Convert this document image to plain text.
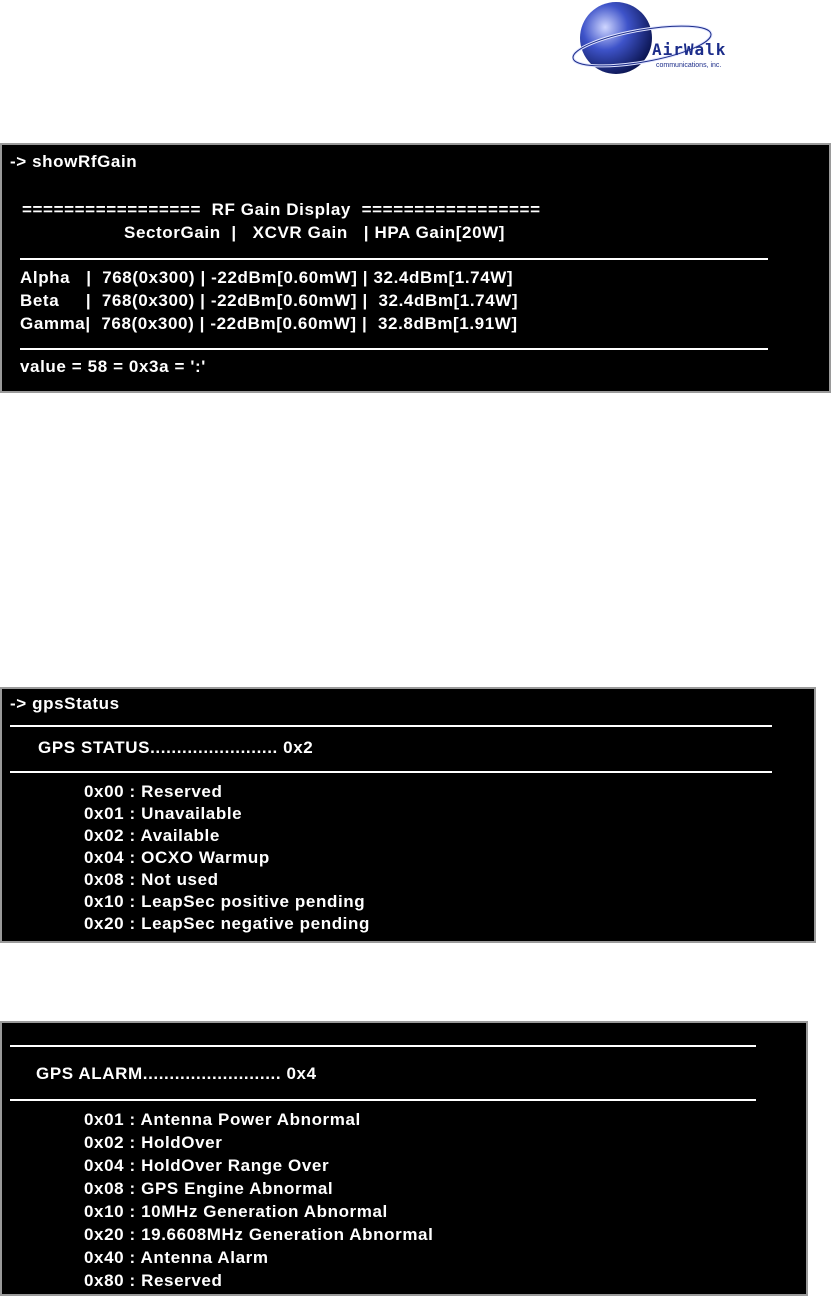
AirWalk
communications, inc.

-> showRfGain

=================  RF Gain Display  =================

SectorGain  |   XCVR Gain   | HPA Gain[20W]

Alpha   |  768(0x300) | -22dBm[0.60mW] | 32.4dBm[1.74W]

Beta     |  768(0x300) | -22dBm[0.60mW] |  32.4dBm[1.74W]

Gamma|  768(0x300) | -22dBm[0.60mW] |  32.8dBm[1.91W]

value = 58 = 0x3a = ':'

-> gpsStatus

GPS STATUS........................ 0x2

0x00 : Reserved

0x01 : Unavailable

0x02 : Available

0x04 : OCXO Warmup

0x08 : Not used

0x10 : LeapSec positive pending

0x20 : LeapSec negative pending

GPS ALARM.......................... 0x4

0x01 : Antenna Power Abnormal

0x02 : HoldOver

0x04 : HoldOver Range Over

0x08 : GPS Engine Abnormal

0x10 : 10MHz Generation Abnormal

0x20 : 19.6608MHz Generation Abnormal

0x40 : Antenna Alarm

0x80 : Reserved
